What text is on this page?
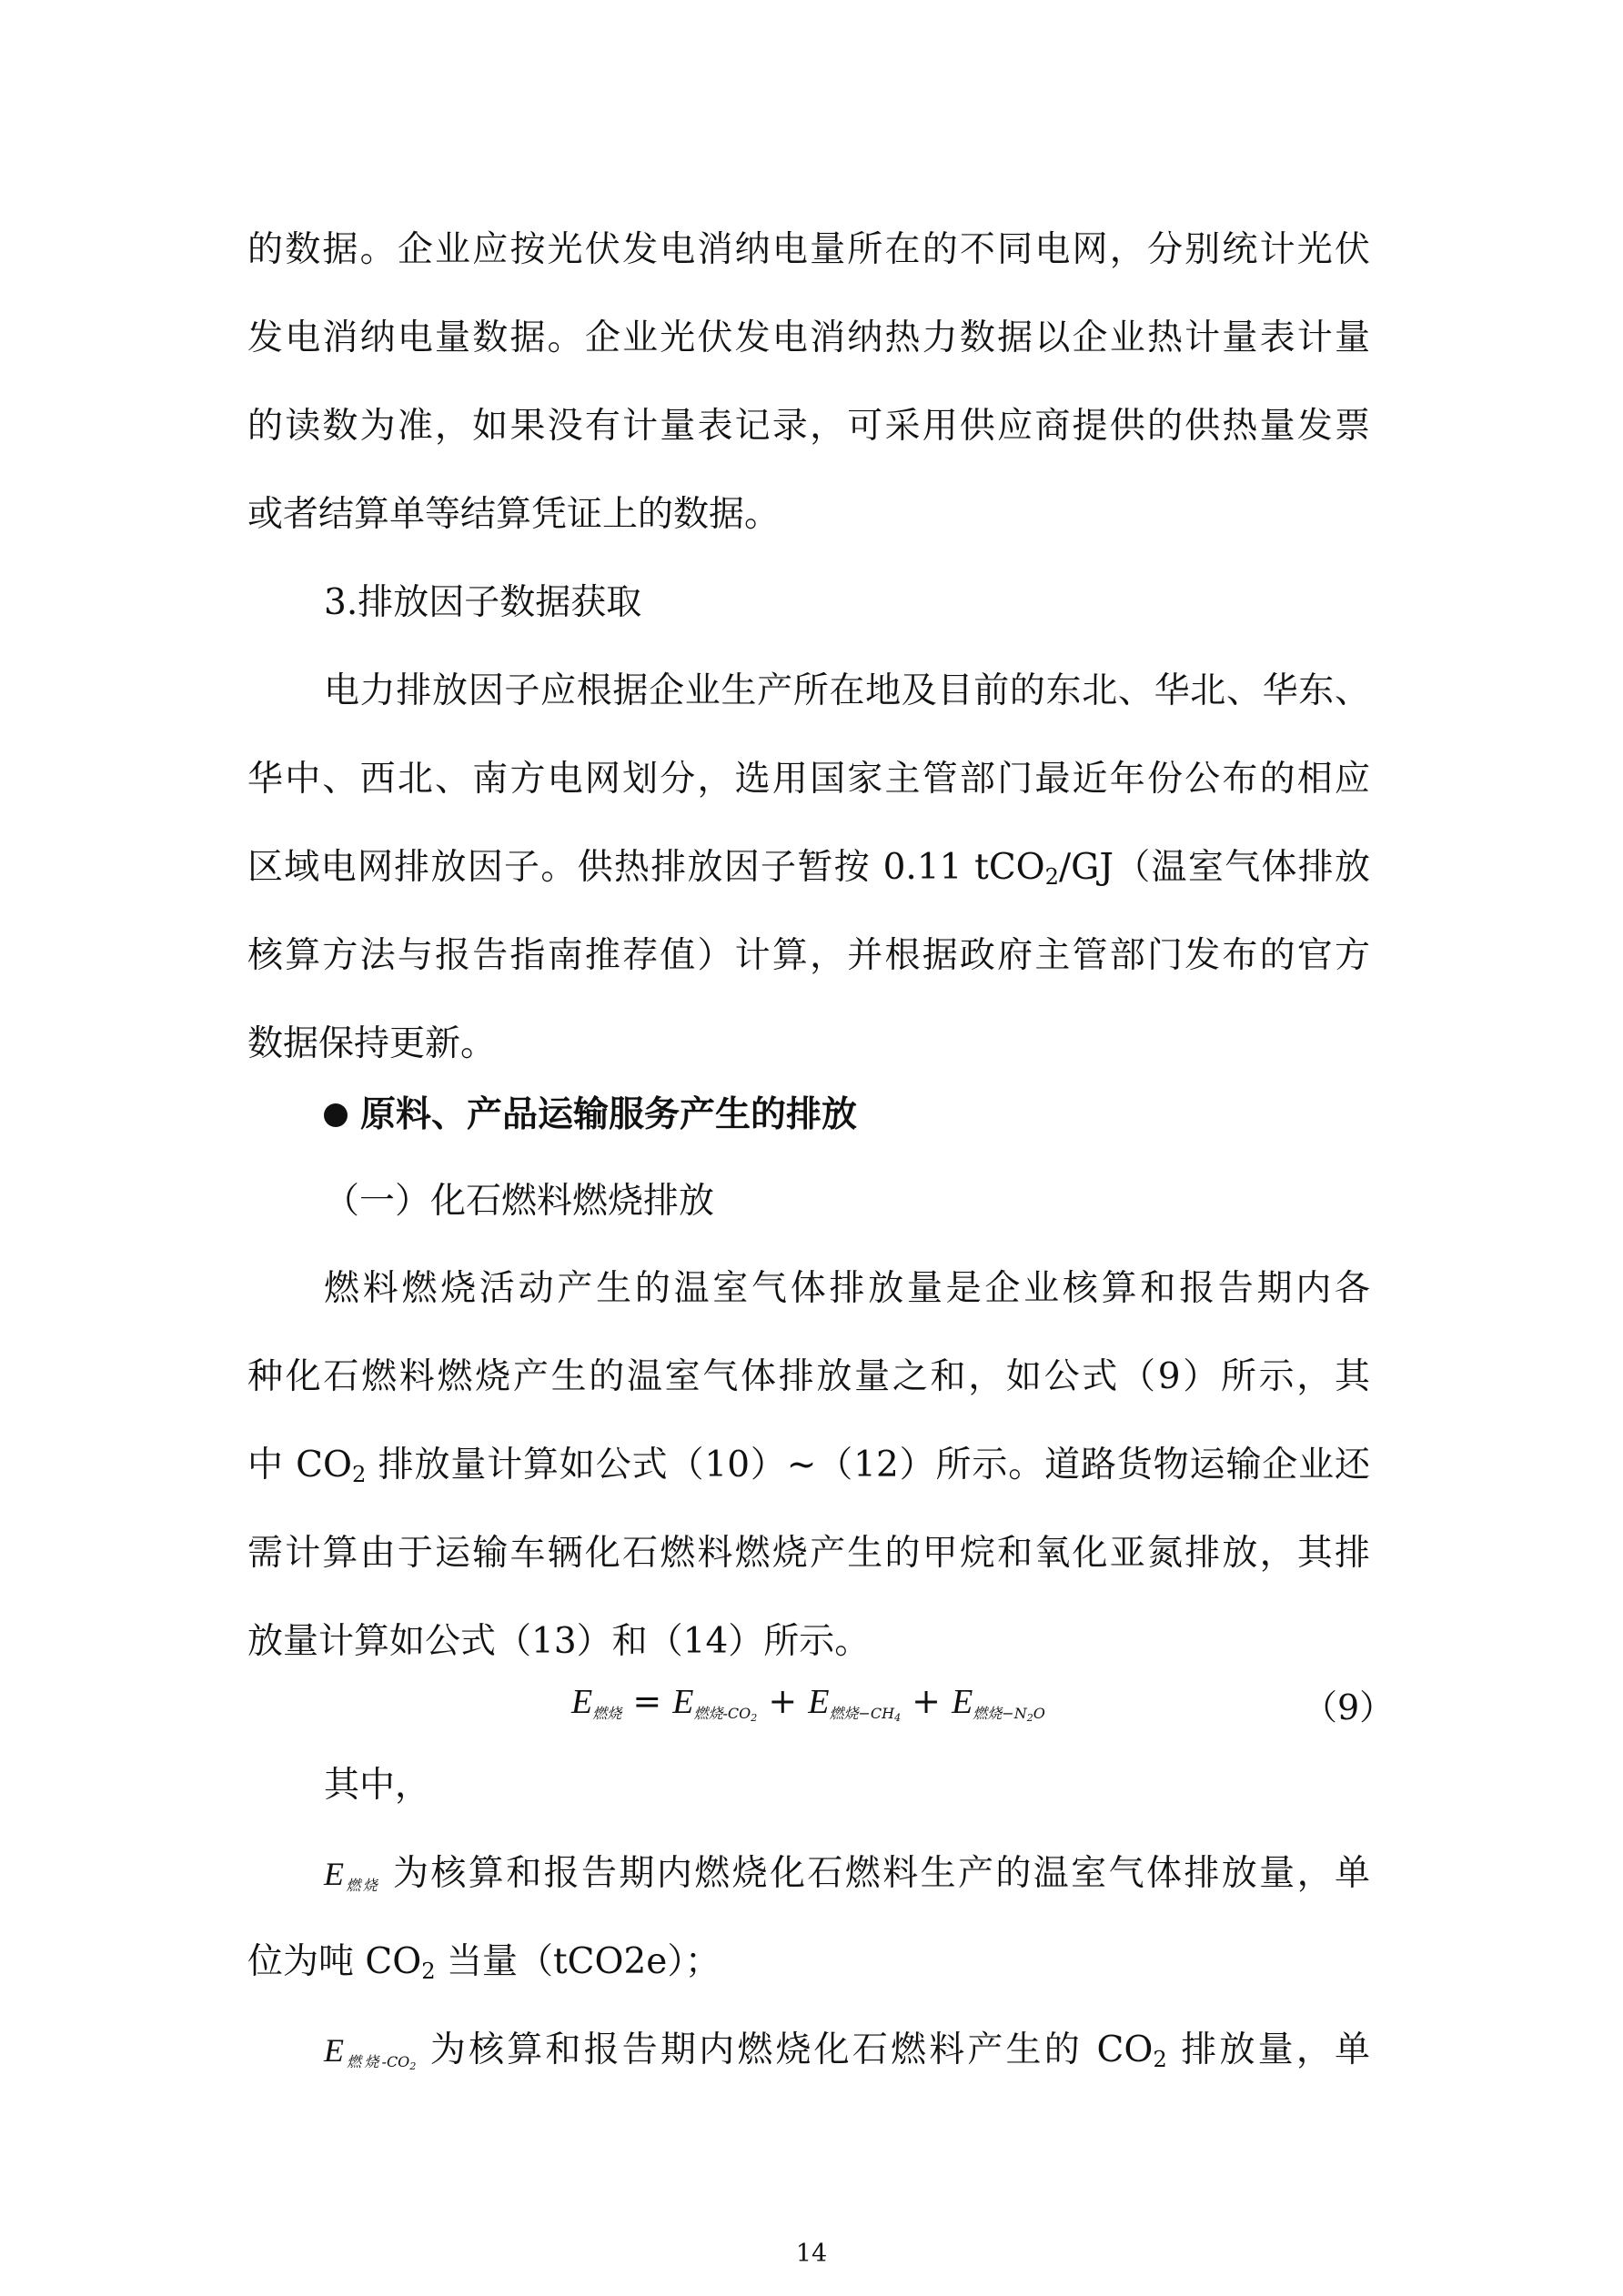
的数据。企业应按光伏发电消纳电量所在的不同电网，分别统计光伏
发电消纳电量数据。企业光伏发电消纳热力数据以企业热计量表计量
的读数为准，如果没有计量表记录，可采用供应商提供的供热量发票
或者结算单等结算凭证上的数据。
3.排放因子数据获取
电力排放因子应根据企业生产所在地及目前的东北、华北、华东、
华中、西北、南方电网划分，选用国家主管部门最近年份公布的相应
区域电网排放因子。供热排放因子暂按 0.11 tCO$_2$/GJ（温室气体排放
核算方法与报告指南推荐值）计算，并根据政府主管部门发布的官方
数据保持更新。
原料、产品运输服务产生的排放
（一）化石燃料燃烧排放
燃料燃烧活动产生的温室气体排放量是企业核算和报告期内各
种化石燃料燃烧产生的温室气体排放量之和，如公式（9）所示，其
中 $CO_2$ 排放量计算如公式（10）~（12）所示。道路货物运输企业还
需计算由于运输车辆化石燃料燃烧产生的甲烷和氧化亚氮排放，其排
放量计算如公式（13）和（14）所示。
$E_{燃烧} = E_{燃烧-CO2} + E_{燃烧-CH4} + E_{燃烧-N2O}$	（9）
其中，
$E_{燃烧}$ 为核算和报告期内燃烧化石燃料生产的温室气体排放量，单
位为吨 $CO_2$ 当量（tCO2e）；
$E_{燃烧-CO2}$ 为核算和报告期内燃烧化石燃料产生的 $CO_2$ 排放量，单
14
